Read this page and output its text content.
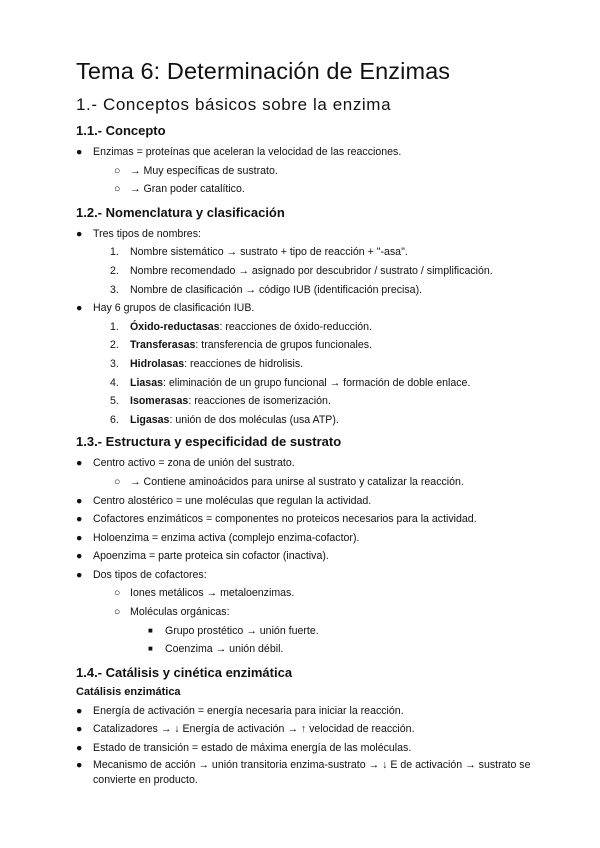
Tema 6: Determinación de Enzimas
1.- Conceptos básicos sobre la enzima
1.1.- Concepto
● Enzimas = proteínas que aceleran la velocidad de las reacciones.
○ → Muy específicas de sustrato.
○ → Gran poder catalítico.
1.2.- Nomenclatura y clasificación
● Tres tipos de nombres:
1. Nombre sistemático → sustrato + tipo de reacción + "-asa".
2. Nombre recomendado → asignado por descubridor / sustrato / simplificación.
3. Nombre de clasificación → código IUB (identificación precisa).
● Hay 6 grupos de clasificación IUB.
1. Óxido-reductasas: reacciones de óxido-reducción.
2. Transferasas: transferencia de grupos funcionales.
3. Hidrolasas: reacciones de hidrolisis.
4. Liasas: eliminación de un grupo funcional → formación de doble enlace.
5. Isomerasas: reacciones de isomerización.
6. Ligasas: unión de dos moléculas (usa ATP).
1.3.- Estructura y especificidad de sustrato
● Centro activo = zona de unión del sustrato.
○ → Contiene aminoácidos para unirse al sustrato y catalizar la reacción.
● Centro alostérico = une moléculas que regulan la actividad.
● Cofactores enzimáticos = componentes no proteicos necesarios para la actividad.
● Holoenzima = enzima activa (complejo enzima-cofactor).
● Apoenzima = parte proteica sin cofactor (inactiva).
● Dos tipos de cofactores:
○ Iones metálicos → metaloenzimas.
○ Moléculas orgánicas:
■ Grupo prostético → unión fuerte.
■ Coenzima → unión débil.
1.4.- Catálisis y cinética enzimática
Catálisis enzimática
● Energía de activación = energía necesaria para iniciar la reacción.
● Catalizadores → ↓ Energía de activación → ↑ velocidad de reacción.
● Estado de transición = estado de máxima energía de las moléculas.
● Mecanismo de acción → unión transitoria enzima-sustrato → ↓ E de activación → sustrato se convierte en producto.
